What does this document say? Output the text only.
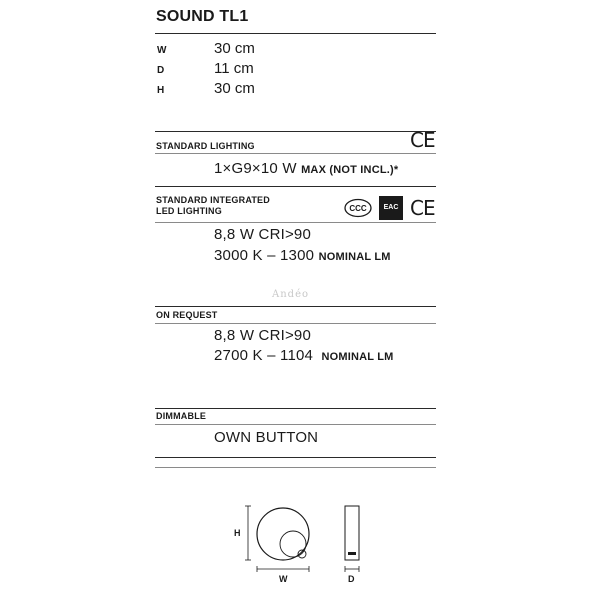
SOUND TL1
W	30 cm
D	11 cm
H	30 cm
STANDARD LIGHTING	CE
1×G9×10 W MAX (NOT INCL.)*
STANDARD INTEGRATED
LED LIGHTING	CCC	EAC CE
8,8 W CRI>90
3000 K – 1300 NOMINAL LM
Andéo
ON REQUEST
8,8 W CRI>90
2700 K – 1104 NOMINAL LM
DIMMABLE
OWN BUTTON
H
W	D
